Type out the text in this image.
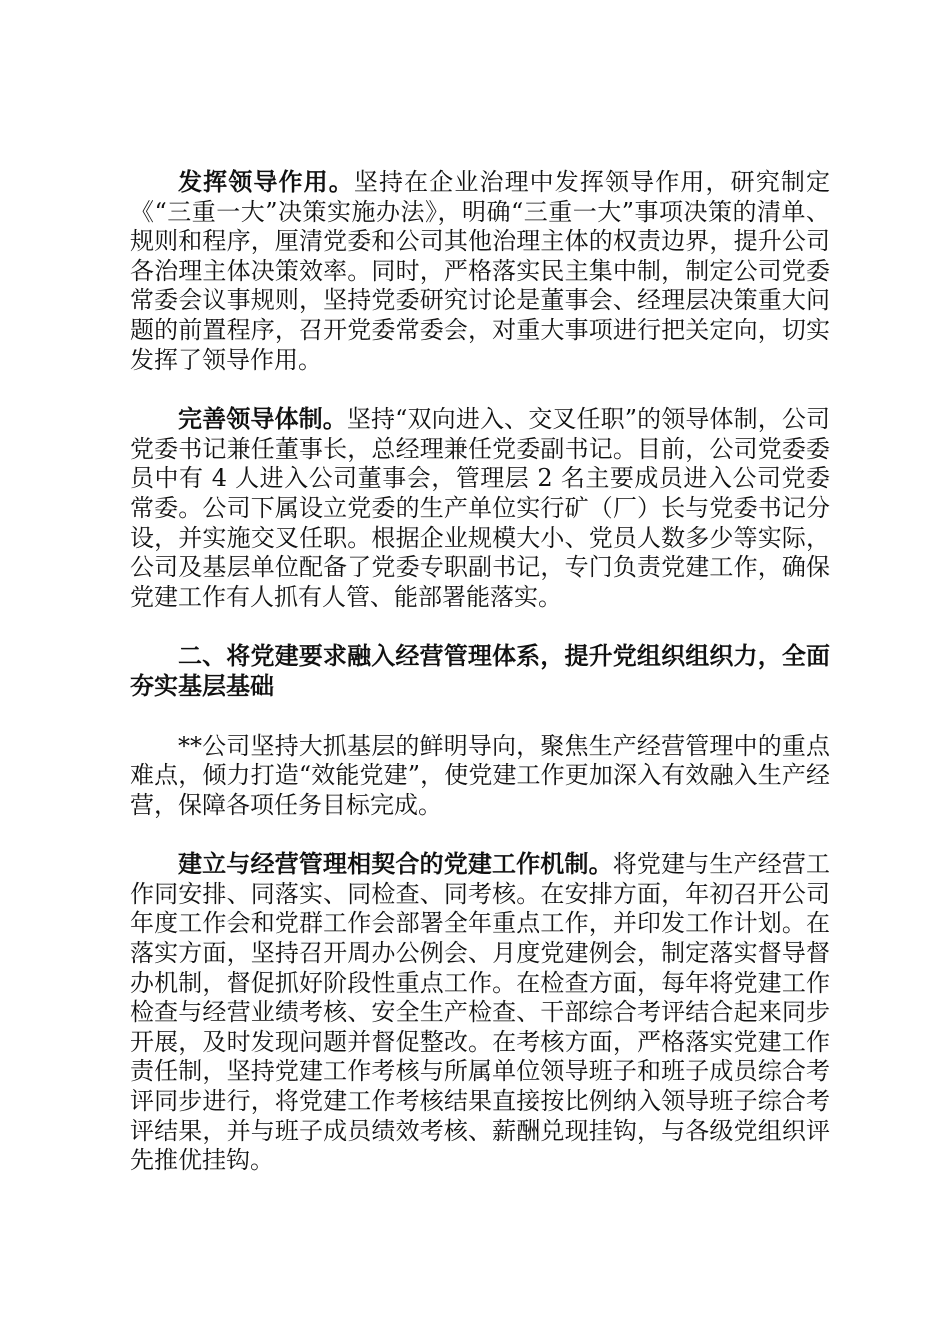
发挥领导作用。坚持在企业治理中发挥领导作用，研究制定《“三重一大”决策实施办法》，明确“三重一大”事项决策的清单、规则和程序，厘清党委和公司其他治理主体的权责边界，提升公司各治理主体决策效率。同时，严格落实民主集中制，制定公司党委常委会议事规则，坚持党委研究讨论是董事会、经理层决策重大问题的前置程序，召开党委常委会，对重大事项进行把关定向，切实发挥了领导作用。

完善领导体制。坚持“双向进入、交叉任职”的领导体制，公司党委书记兼任董事长，总经理兼任党委副书记。目前，公司党委委员中有 4 人进入公司董事会，管理层 2 名主要成员进入公司党委常委。公司下属设立党委的生产单位实行矿（厂）长与党委书记分设，并实施交叉任职。根据企业规模大小、党员人数多少等实际，公司及基层单位配备了党委专职副书记，专门负责党建工作，确保党建工作有人抓有人管、能部署能落实。

二、将党建要求融入经营管理体系，提升党组织组织力，全面夯实基层基础

**公司坚持大抓基层的鲜明导向，聚焦生产经营管理中的重点难点，倾力打造“效能党建”，使党建工作更加深入有效融入生产经营，保障各项任务目标完成。

建立与经营管理相契合的党建工作机制。将党建与生产经营工作同安排、同落实、同检查、同考核。在安排方面，年初召开公司年度工作会和党群工作会部署全年重点工作，并印发工作计划。在落实方面，坚持召开周办公例会、月度党建例会，制定落实督导督办机制，督促抓好阶段性重点工作。在检查方面，每年将党建工作检查与经营业绩考核、安全生产检查、干部综合考评结合起来同步开展，及时发现问题并督促整改。在考核方面，严格落实党建工作责任制，坚持党建工作考核与所属单位领导班子和班子成员综合考评同步进行，将党建工作考核结果直接按比例纳入领导班子综合考评结果，并与班子成员绩效考核、薪酬兑现挂钩，与各级党组织评先推优挂钩。
